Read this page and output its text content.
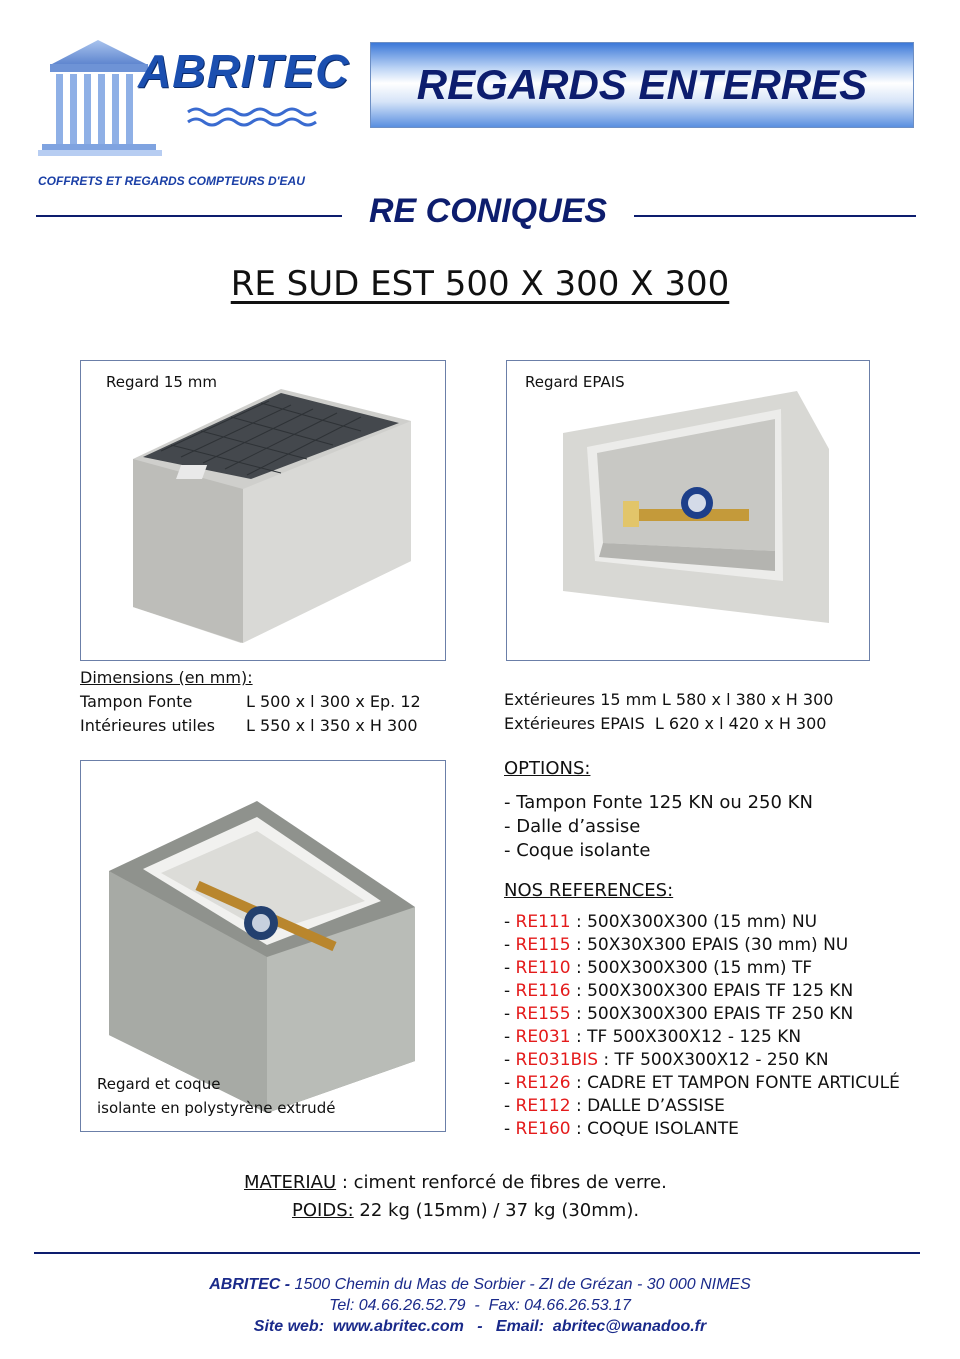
ABRITEC
COFFRETS ET REGARDS COMPTEURS D'EAU
REGARDS ENTERRES
RE CONIQUES
RE SUD EST 500 X 300 X 300
Regard 15 mm	Regard EPAIS
Dimensions (en mm):
Tampon Fonte	L 500 x l 300 x Ep. 12
Intérieures utiles L 550 x l 350 x H 300
Extérieures 15 mm L 580 x l 380 x H 300
Extérieures EPAIS  L 620 x l 420 x H 300
Regard et coque
isolante en polystyrène extrudé
OPTIONS:
- Tampon Fonte 125 KN ou 250 KN
- Dalle d’assise
- Coque isolante
NOS REFERENCES:
- RE111 : 500X300X300 (15 mm) NU
- RE115 : 50X30X300 EPAIS (30 mm) NU
- RE110 : 500X300X300 (15 mm) TF
- RE116 : 500X300X300 EPAIS TF 125 KN
- RE155 : 500X300X300 EPAIS TF 250 KN
- RE031 : TF 500X300X12 - 125 KN
- RE031BIS : TF 500X300X12 - 250 KN
- RE126 : CADRE ET TAMPON FONTE ARTICULÉ
- RE112 : DALLE D’ASSISE
- RE160 : COQUE ISOLANTE
MATERIAU : ciment renforcé de fibres de verre.
POIDS: 22 kg (15mm) / 37 kg (30mm).
ABRITEC - 1500 Chemin du Mas de Sorbier - ZI de Grézan - 30 000 NIMES
Tel: 04.66.26.52.79  -  Fax: 04.66.26.53.17
Site web:  www.abritec.com   -   Email:  abritec@wanadoo.fr
